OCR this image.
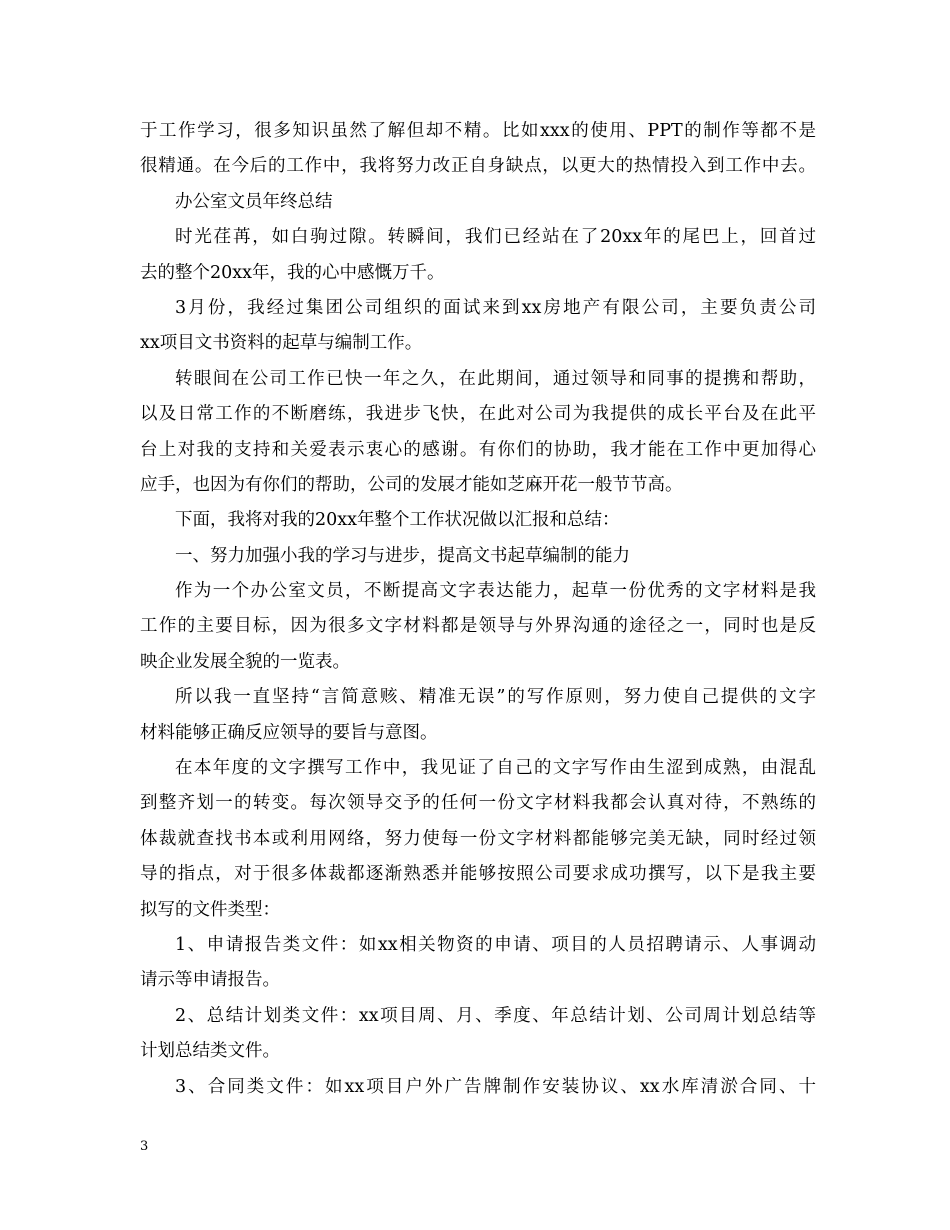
于工作学习，很多知识虽然了解但却不精。比如xxx的使用、PPT的制作等都不是
很精通。在今后的工作中，我将努力改正自身缺点，以更大的热情投入到工作中去。
办公室文员年终总结
时光荏苒，如白驹过隙。转瞬间，我们已经站在了20xx年的尾巴上，回首过
去的整个20xx年，我的心中感慨万千。
3月份，我经过集团公司组织的面试来到xx房地产有限公司，主要负责公司
xx项目文书资料的起草与编制工作。
转眼间在公司工作已快一年之久，在此期间，通过领导和同事的提携和帮助，
以及日常工作的不断磨练，我进步飞快，在此对公司为我提供的成长平台及在此平
台上对我的支持和关爱表示衷心的感谢。有你们的协助，我才能在工作中更加得心
应手，也因为有你们的帮助，公司的发展才能如芝麻开花一般节节高。
下面，我将对我的20xx年整个工作状况做以汇报和总结：
一、努力加强小我的学习与进步，提高文书起草编制的能力
作为一个办公室文员，不断提高文字表达能力，起草一份优秀的文字材料是我
工作的主要目标，因为很多文字材料都是领导与外界沟通的途径之一，同时也是反
映企业发展全貌的一览表。
所以我一直坚持“言简意赅、精准无误”的写作原则，努力使自己提供的文字
材料能够正确反应领导的要旨与意图。
在本年度的文字撰写工作中，我见证了自己的文字写作由生涩到成熟，由混乱
到整齐划一的转变。每次领导交予的任何一份文字材料我都会认真对待，不熟练的
体裁就查找书本或利用网络，努力使每一份文字材料都能够完美无缺，同时经过领
导的指点，对于很多体裁都逐渐熟悉并能够按照公司要求成功撰写，以下是我主要
拟写的文件类型：
1、申请报告类文件：如xx相关物资的申请、项目的人员招聘请示、人事调动
请示等申请报告。
2、总结计划类文件：xx项目周、月、季度、年总结计划、公司周计划总结等
计划总结类文件。
3、合同类文件：如xx项目户外广告牌制作安装协议、xx水库清淤合同、十
3
